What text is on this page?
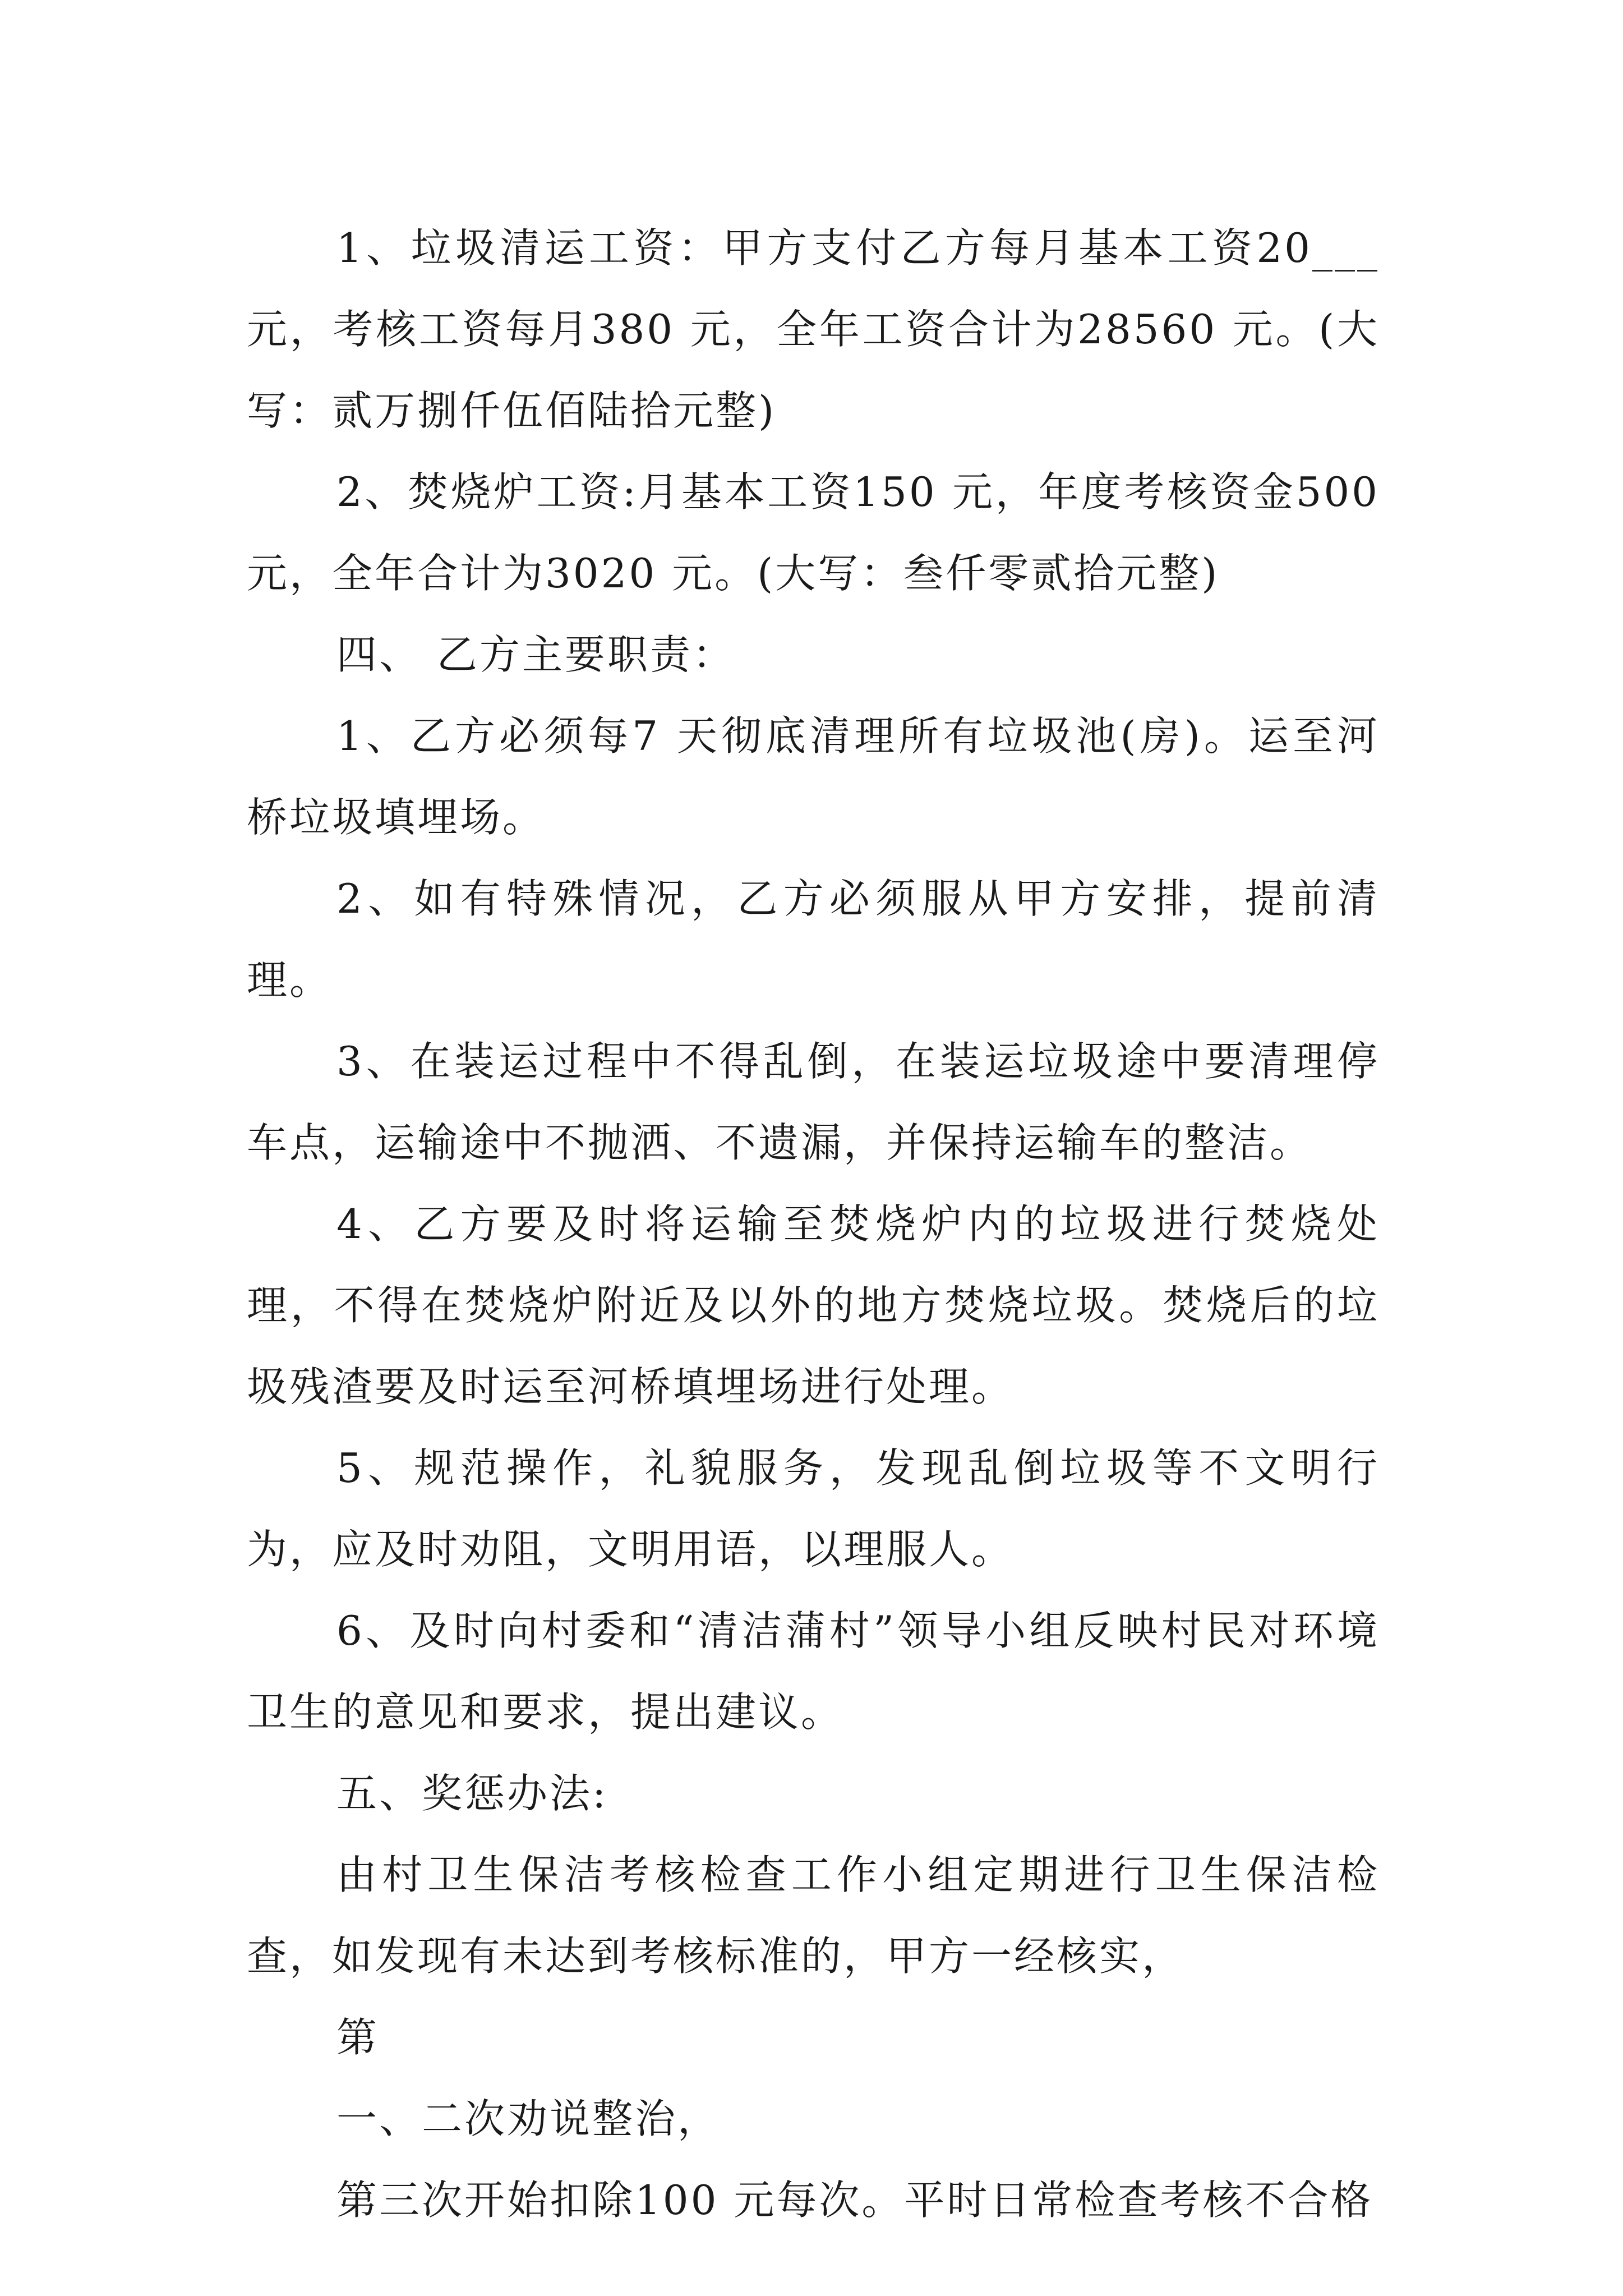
1、垃圾清运工资：甲方支付乙方每月基本工资20___元，考核工资每月380 元，全年工资合计为28560 元。(大写：贰万捌仟伍佰陆拾元整)

2、焚烧炉工资:月基本工资150 元，年度考核资金500元，全年合计为3020 元。(大写：叁仟零贰拾元整)

四、 乙方主要职责：

1、乙方必须每7 天彻底清理所有垃圾池(房)。运至河桥垃圾填埋场。

2、如有特殊情况，乙方必须服从甲方安排，提前清理。

3、在装运过程中不得乱倒，在装运垃圾途中要清理停车点，运输途中不抛洒、不遗漏，并保持运输车的整洁。

4、乙方要及时将运输至焚烧炉内的垃圾进行焚烧处理，不得在焚烧炉附近及以外的地方焚烧垃圾。焚烧后的垃圾残渣要及时运至河桥填埋场进行处理。

5、规范操作，礼貌服务，发现乱倒垃圾等不文明行为，应及时劝阻，文明用语，以理服人。

6、及时向村委和“清洁蒲村”领导小组反映村民对环境卫生的意见和要求，提出建议。

五、奖惩办法:

由村卫生保洁考核检查工作小组定期进行卫生保洁检查，如发现有未达到考核标准的，甲方一经核实，

第

一、二次劝说整治，

第三次开始扣除100 元每次。平时日常检查考核不合格
